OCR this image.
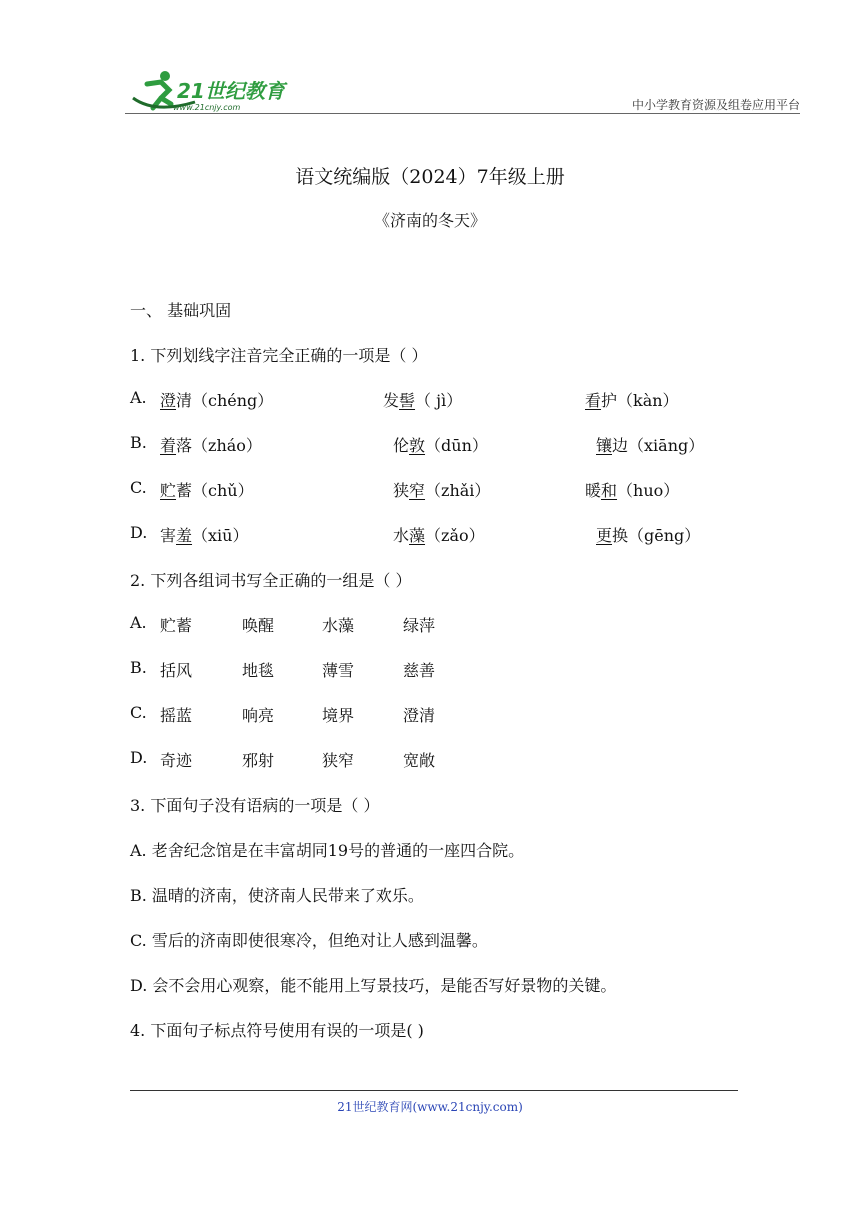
21世纪教育
www.21cnjy.com	中小学教育资源及组卷应用平台
语文统编版（2024）7年级上册
《济南的冬天》
一、 基础巩固
1. 下列划线字注音完全正确的一项是（ ）
A. 澄清（chéng）	发髻（ jì）	看护（kàn）
B. 着落（zháo）	伦敦（dūn）	镶边（xiāng）
C. 贮蓄（chǔ）	狭窄（zhǎi）	暖和（huo）
D. 害羞（xiū）	水藻（zǎo）	更换（gēng）
2. 下列各组词书写全正确的一组是（ ）
A. 贮蓄	唤醒	水藻	绿萍
B. 括风	地毯	薄雪	慈善
C. 摇蓝	响亮	境界	澄清
D. 奇迹	邪射	狭窄	宽敞
3. 下面句子没有语病的一项是（ ）
A. 老舍纪念馆是在丰富胡同19号的普通的一座四合院。
B. 温晴的济南，使济南人民带来了欢乐。
C. 雪后的济南即使很寒冷，但绝对让人感到温馨。
D. 会不会用心观察，能不能用上写景技巧，是能否写好景物的关键。
4. 下面句子标点符号使用有误的一项是( )
21世纪教育网(www.21cnjy.com)
